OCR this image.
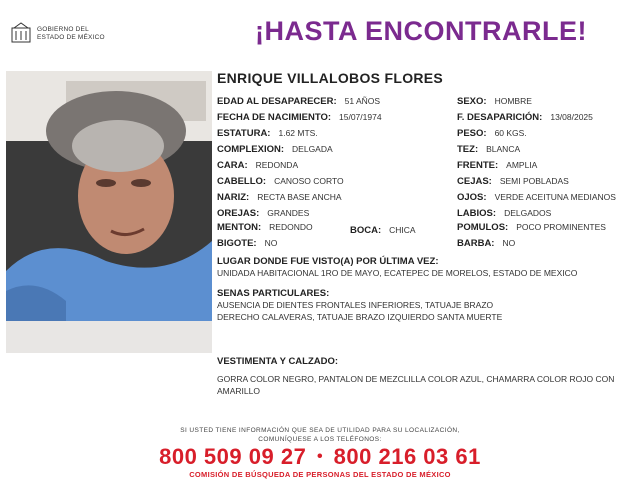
GOBIERNO DEL
ESTADO DE MÉXICO	¡HASTA ENCONTRARLE!
ENRIQUE VILLALOBOS FLORES
EDAD AL DESAPARECER: 51 AÑOS	SEXO: HOMBRE
FECHA DE NACIMIENTO: 15/07/1974	F. DESAPARICIÓN: 13/08/2025
ESTATURA: 1.62 MTS.	PESO: 60 KGS.
COMPLEXION: DELGADA	TEZ: BLANCA
CARA: REDONDA	FRENTE: AMPLIA
CABELLO: CANOSO CORTO	CEJAS: SEMI POBLADAS
NARIZ: RECTA BASE ANCHA	OJOS: VERDE ACEITUNA MEDIANOS
OREJAS: GRANDES	LABIOS: DELGADOS
MENTON: REDONDO	BOCA: CHICA	POMULOS: POCO PROMINENTES
BIGOTE: NO	BARBA: NO
LUGAR DONDE FUE VISTO(A) POR ÚLTIMA VEZ:
UNIDADA HABITACIONAL 1RO DE MAYO, ECATEPEC DE MORELOS, ESTADO DE MEXICO
SENAS PARTICULARES:
AUSENCIA DE DIENTES FRONTALES INFERIORES, TATUAJE BRAZO DERECHO CALAVERAS, TATUAJE BRAZO IZQUIERDO SANTA MUERTE
VESTIMENTA Y CALZADO:
GORRA COLOR NEGRO, PANTALON DE MEZCLILLA COLOR AZUL, CHAMARRA COLOR ROJO CON AMARILLO
SI USTED TIENE INFORMACIÓN QUE SEA DE UTILIDAD PARA SU LOCALIZACIÓN,
COMUNÍQUESE A LOS TELÉFONOS:
800 509 09 27 • 800 216 03 61
COMISIÓN DE BÚSQUEDA DE PERSONAS DEL ESTADO DE MÉXICO
